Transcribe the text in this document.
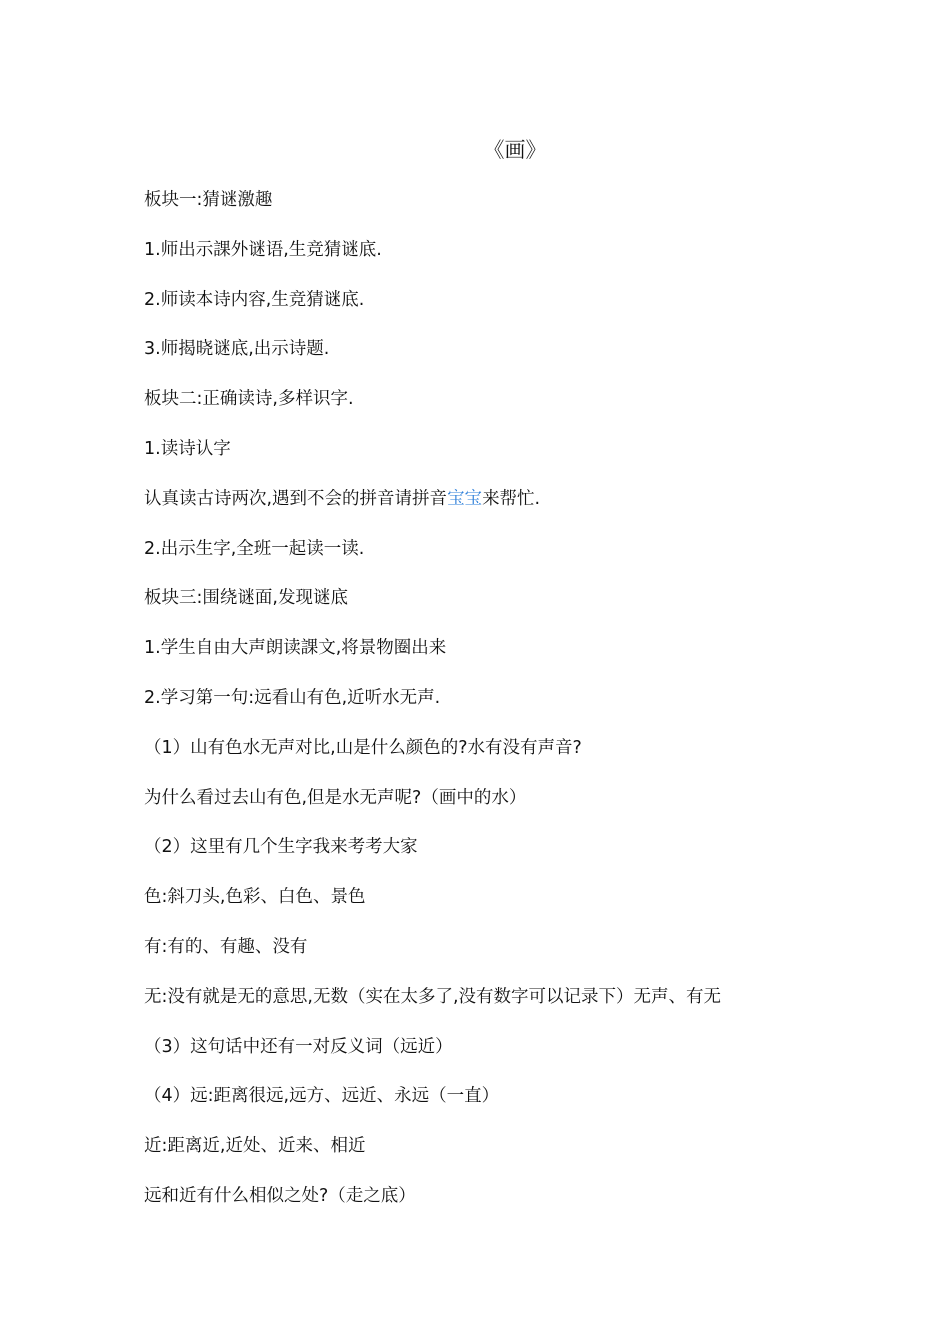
《画》
板块一:猜谜激趣
1.师出示課外谜语,生竞猜谜底.
2.师读本诗内容,生竞猜谜底.
3.师揭晓谜底,出示诗题.
板块二:正确读诗,多样识字.
1.读诗认字
认真读古诗两次,遇到不会的拼音请拼音宝宝来帮忙.
2.出示生字,全班一起读一读.
板块三:围绕谜面,发现谜底
1.学生自由大声朗读課文,将景物圈出来
2.学习第一句:远看山有色,近听水无声.
（1）山有色水无声对比,山是什么颜色的?水有没有声音?
为什么看过去山有色,但是水无声呢?（画中的水）
（2）这里有几个生字我来考考大家
色:斜刀头,色彩、白色、景色
有:有的、有趣、没有
无:没有就是无的意思,无数（实在太多了,没有数字可以记录下）无声、有无
（3）这句话中还有一对反义词（远近）
（4）远:距离很远,远方、远近、永远（一直）
近:距离近,近处、近来、相近
远和近有什么相似之处?（走之底）
